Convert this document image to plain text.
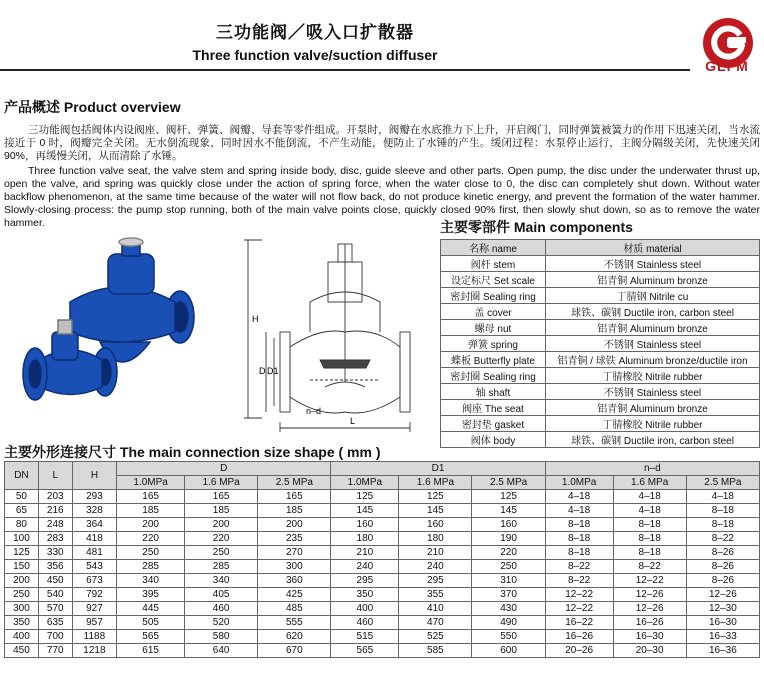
三功能阀／吸入口扩散器
Three function valve/suction diffuser
GLFM
产品概述 Product overview
三功能阀包括阀体内设阀座、阀杆、弹簧、阀瓣、导套等零件组成。开泵时，阀瓣在水底推力下上升，开启阀门，同时弹簧被簧力的作用下迅速关闭，当水流接近于 0 时，阀瓣完全关闭。无水倒流现象，同时因水不能倒流，不产生动能，便防止了水锤的产生。缓闭过程：水泵停止运行，主阀分隔级关闭，先快速关闭 90%，再缓慢关闭，从而清除了水锤。
Three function valve seat, the valve stem and spring inside body, disc, guide sleeve and other parts. Open pump, the disc under the underwater thrust up, open the valve, and spring was quickly close under the action of spring force, when the water close to 0, the disc can completely shut down. Without water backflow phenomenon, at the same time because of the water will not flow back, do not produce kinetic energy, and prevent the formation of the water hammer. Slowly-closing process: the pump stop running, both of the main valve points close, quickly closed 90% first, then slowly shut down, so as to remove the water hammer.
H
D D1
n–d
L
主要零部件 Main components
名称 name	材质 material
阀杆 stem	不锈钢 Stainless steel
设定标尺 Set scale	铝青铜 Aluminum bronze
密封圈 Sealing ring	丁腈钢 Nitrile cu
盖 cover	球铁、碳钢 Ductile iron, carbon steel
螺母 nut	铝青铜 Aluminum bronze
弹簧 spring	不锈钢 Stainless steel
蝶板 Butterfly plate	铝青铜 / 球铁 Aluminum bronze/ductile iron
密封圈 Sealing ring	丁腈橡胶 Nitrile rubber
轴 shaft	不锈钢 Stainless steel
阀座 The seat	铝青铜 Aluminum bronze
密封垫 gasket	丁腈橡胶 Nitrile rubber
阀体 body	球铁、碳钢 Ductile iron, carbon steel
主要外形连接尺寸 The main connection size shape ( mm )
DN	L	H	D			D1			n–d		
			1.0MPa	1.6 MPa	2.5 MPa	1.0MPa	1.6 MPa	2.5 MPa	1.0MPa	1.6 MPa	2.5 MPa
50	203	293	165	165	165	125	125	125	4–18	4–18	4–18
65	216	328	185	185	185	145	145	145	4–18	4–18	8–18
80	248	364	200	200	200	160	160	160	8–18	8–18	8–18
100	283	418	220	220	235	180	180	190	8–18	8–18	8–22
125	330	481	250	250	270	210	210	220	8–18	8–18	8–26
150	356	543	285	285	300	240	240	250	8–22	8–22	8–26
200	450	673	340	340	360	295	295	310	8–22	12–22	8–26
250	540	792	395	405	425	350	355	370	12–22	12–26	12–26
300	570	927	445	460	485	400	410	430	12–22	12–26	12–30
350	635	957	505	520	555	460	470	490	16–22	16–26	16–30
400	700	1188	565	580	620	515	525	550	16–26	16–30	16–33
450	770	1218	615	640	670	565	585	600	20–26	20–30	16–36
